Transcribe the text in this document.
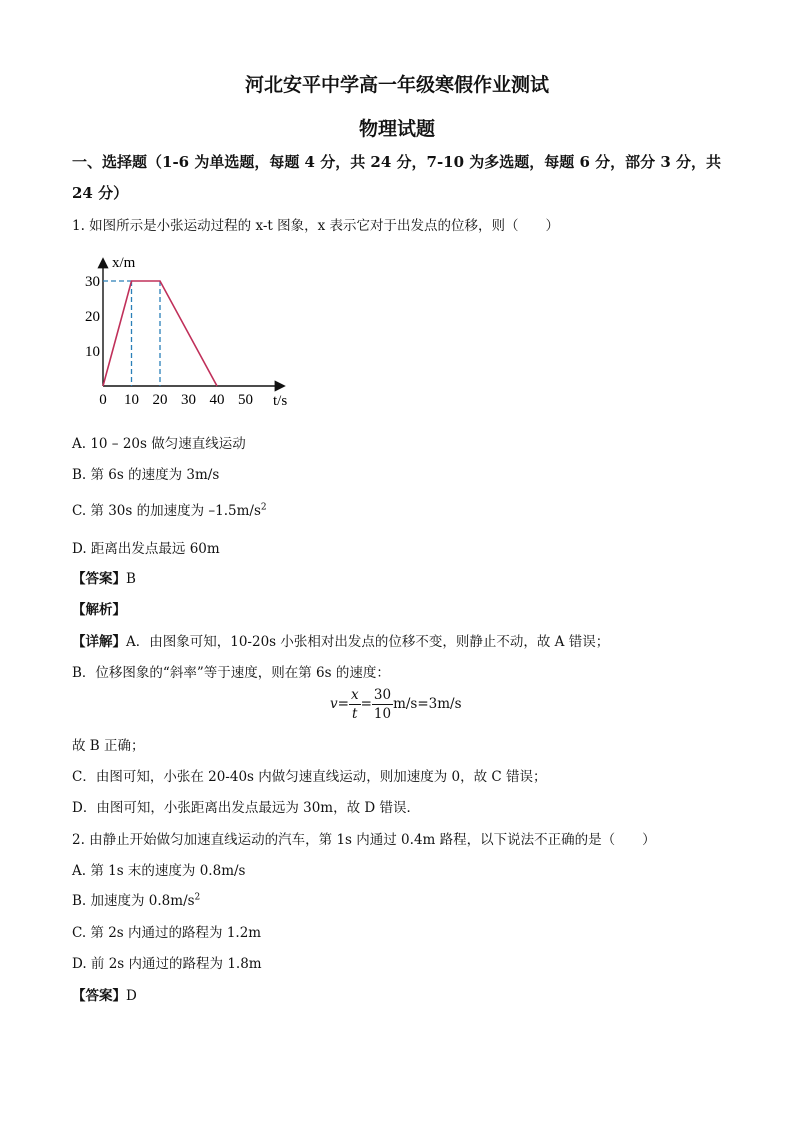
河北安平中学高一年级寒假作业测试
物理试题
一、选择题（1-6 为单选题，每题 4 分，共 24 分，7-10 为多选题，每题 6 分，部分 3 分，共
24 分）
1. 如图所示是小张运动过程的 x-t 图象，x 表示它对于出发点的位移，则（　　）
0 10 20 30 40 50
10
20
30
x/m
t/s
A. 10 – 20s 做匀速直线运动
B. 第 6s 的速度为 3m/s
C. 第 30s 的加速度为 $-1.5m/s^2$
D. 距离出发点最远 60m
【答案】B
【解析】
【详解】A．由图象可知，10-20s 小张相对出发点的位移不变，则静止不动，故 A 错误；
B．位移图象的“斜率”等于速度，则在第 6s 的速度：
$v= \frac{x}{t} = \frac{30}{10} m/s=3m/s$
故 B 正确；
C．由图可知，小张在 20-40s 内做匀速直线运动，则加速度为 0，故 C 错误；
D．由图可知，小张距离出发点最远为 30m，故 D 错误．
2. 由静止开始做匀加速直线运动的汽车，第 1s 内通过 0.4m 路程，以下说法不正确的是（　　）
A. 第 1s 末的速度为 0.8m/s
B. 加速度为 $0.8m/s^2$
C. 第 2s 内通过的路程为 1.2m
D. 前 2s 内通过的路程为 1.8m
【答案】D
